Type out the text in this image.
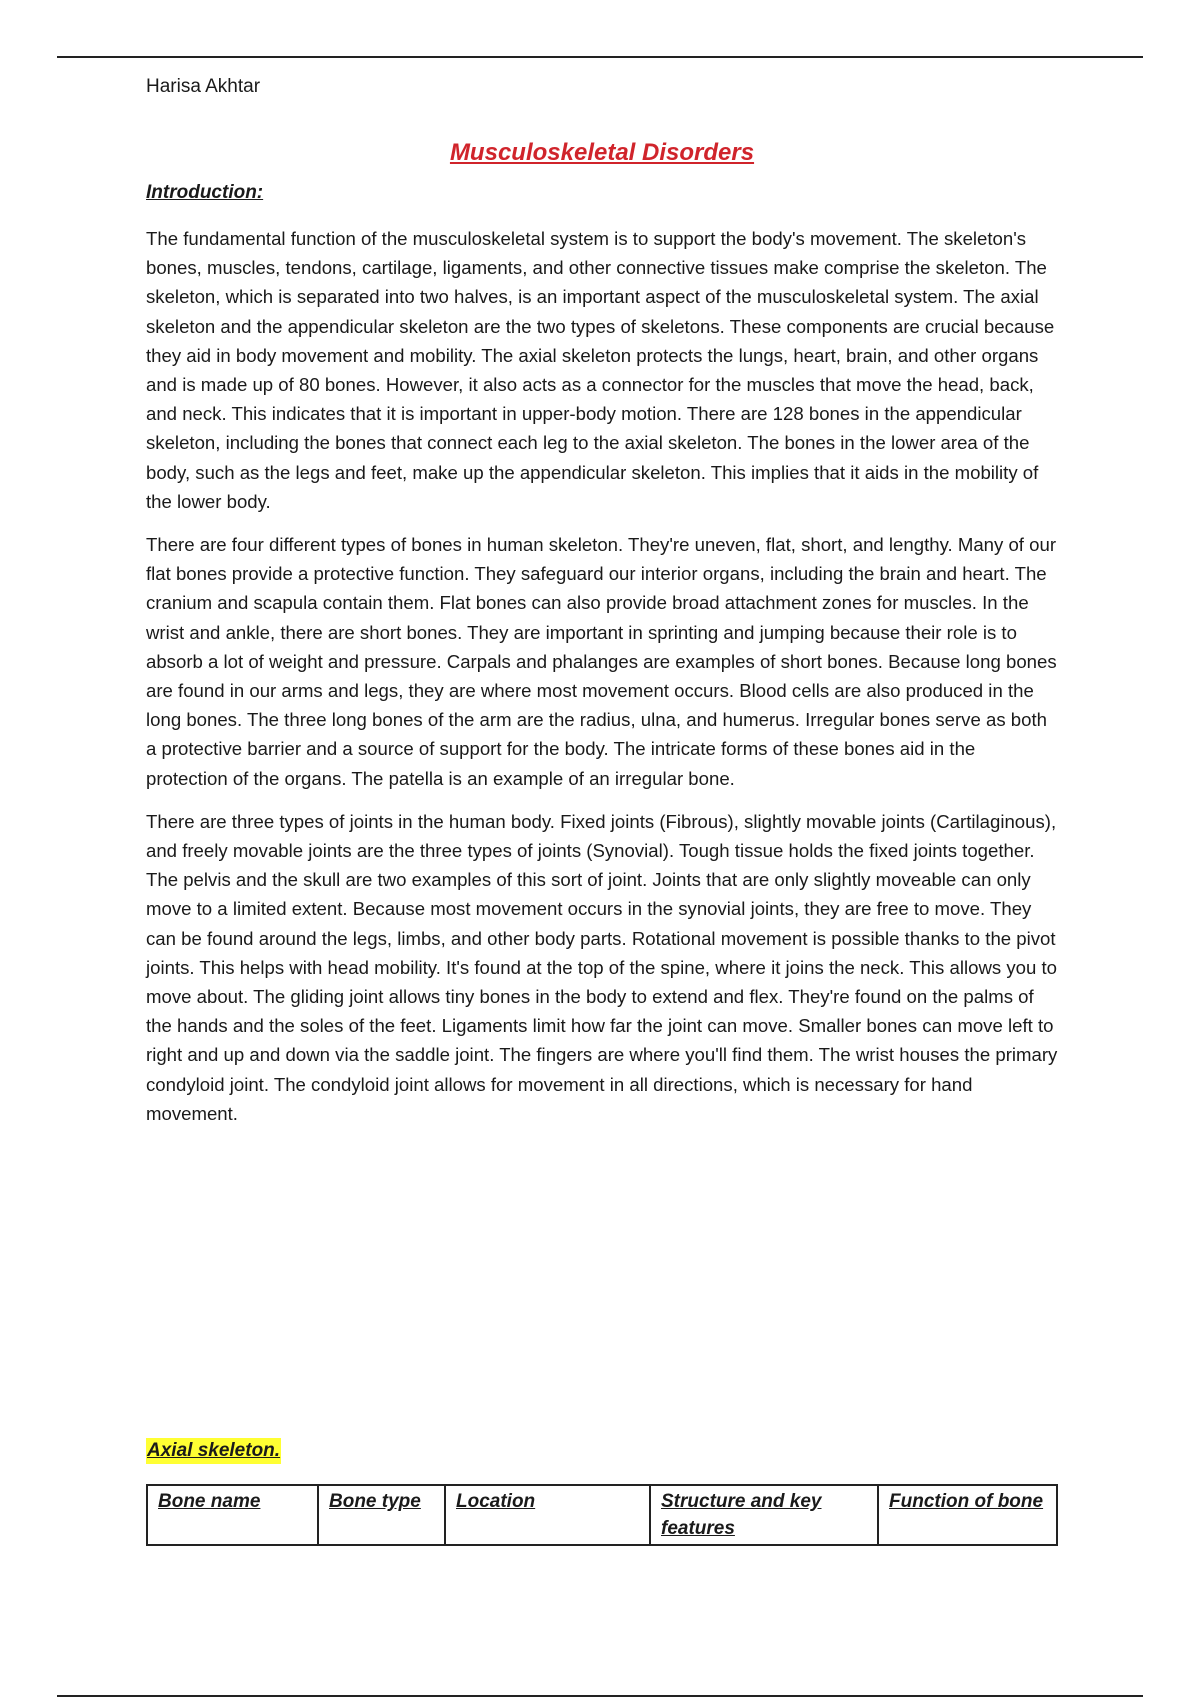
Harisa Akhtar
Musculoskeletal Disorders
Introduction:

The fundamental function of the musculoskeletal system is to support the body's movement. The skeleton's bones, muscles, tendons, cartilage, ligaments, and other connective tissues make comprise the skeleton. The skeleton, which is separated into two halves, is an important aspect of the musculoskeletal system. The axial skeleton and the appendicular skeleton are the two types of skeletons. These components are crucial because they aid in body movement and mobility. The axial skeleton protects the lungs, heart, brain, and other organs and is made up of 80 bones. However, it also acts as a connector for the muscles that move the head, back, and neck. This indicates that it is important in upper-body motion. There are 128 bones in the appendicular skeleton, including the bones that connect each leg to the axial skeleton. The bones in the lower area of the body, such as the legs and feet, make up the appendicular skeleton. This implies that it aids in the mobility of the lower body.

There are four different types of bones in human skeleton. They're uneven, flat, short, and lengthy. Many of our flat bones provide a protective function. They safeguard our interior organs, including the brain and heart. The cranium and scapula contain them. Flat bones can also provide broad attachment zones for muscles. In the wrist and ankle, there are short bones. They are important in sprinting and jumping because their role is to absorb a lot of weight and pressure. Carpals and phalanges are examples of short bones. Because long bones are found in our arms and legs, they are where most movement occurs. Blood cells are also produced in the long bones. The three long bones of the arm are the radius, ulna, and humerus. Irregular bones serve as both a protective barrier and a source of support for the body. The intricate forms of these bones aid in the protection of the organs. The patella is an example of an irregular bone.

There are three types of joints in the human body. Fixed joints (Fibrous), slightly movable joints (Cartilaginous), and freely movable joints are the three types of joints (Synovial). Tough tissue holds the fixed joints together. The pelvis and the skull are two examples of this sort of joint. Joints that are only slightly moveable can only move to a limited extent. Because most movement occurs in the synovial joints, they are free to move. They can be found around the legs, limbs, and other body parts. Rotational movement is possible thanks to the pivot joints. This helps with head mobility. It's found at the top of the spine, where it joins the neck. This allows you to move about. The gliding joint allows tiny bones in the body to extend and flex. They're found on the palms of the hands and the soles of the feet. Ligaments limit how far the joint can move. Smaller bones can move left to right and up and down via the saddle joint. The fingers are where you'll find them. The wrist houses the primary condyloid joint. The condyloid joint allows for movement in all directions, which is necessary for hand movement.

Axial skeleton.
Bone name	Bone type	Location	Structure and key features	Function of bone
